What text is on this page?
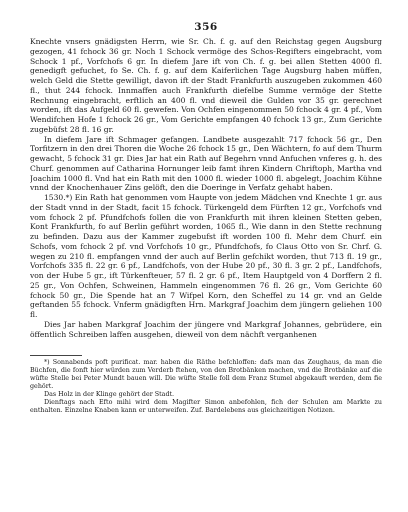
356

Knechte vnsers gnädigsten Herrn, wie Sr. Ch. f. g. auf den Reichstag gegen Augsburg gezogen, 41 fchock 36 gr. Noch 1 Schock vermöge des Schos-Regifters eingebracht, vom Schock 1 pf., Vorfchofs 6 gr. In diefem Jare ift von Ch. f. g. bei allen Stetten 4000 fl. genedigft gefuchet, fo Se. Ch. f. g. auf dem Kaiferlichen Tage Augsburg haben müffen, welch Geld die Stette gewilligt, davon ift der Stadt Frankfurth auszugeben zukommen 460 fl., thut 244 fchock. Innmaffen auch Frankfurth diefelbe Summe vermöge der Stette Rechnung eingebracht, erftlich an 400 fl. vnd dieweil die Gulden vor 35 gr. gerechnet worden, ift das Aufgeld 60 fl. gewefen. Von Ochfen eingenommen 50 fchock 4 gr. 4 pf., Vom Wendifchen Hofe 1 fchock 26 gr., Vom Gerichte empfangen 40 fchock 13 gr., Zum Gerichte zugebüfst 28 fl. 16 gr.

In diefem Jare ift Schmager gefangen. Landbete ausgezahlt 717 fchock 56 gr., Den Torfitzern in den drei Thoren die Woche 26 fchock 15 gr., Den Wächtern, fo auf dem Thurm gewacht, 5 fchock 31 gr. Dies Jar hat ein Rath auf Begehrn vnnd Anfuchen vnferes g. h. des Churf. genommen auf Catharina Hornunger leib famt ihren Kindern Chriftoph, Martha vnd Joachim 1000 fl. Vnd hat ein Rath mit den 1000 fl. wieder 1000 fl. abgelegt, Joachim Kühne vnnd der Knochenhauer Zins gelöft, den die Doeringe in Verfatz gehabt haben.

1530.*) Ein Rath hat genommen vom Haupte von jedem Mädchen vnd Knechte 1 gr. aus der Stadt vnnd in der Stadt, facit 15 fchock. Türkengeld dem Fürften 12 gr., Vorfchofs vnd vom fchock 2 pf. Pfundfchofs follen die von Frankfurth mit ihren kleinen Stetten geben, Kont Frankfurth, fo auf Berlin geführt worden, 1065 fl., Wie dann in den Stette rechnung zu befinden. Dazu aus der Kammer zugebufst ift worden 100 fl. Mehr dem Churf. ein Schofs, vom fchock 2 pf. vnd Vorfchofs 10 gr., Pfundfchofs, fo Claus Otto von Sr. Chrf. G. wegen zu 210 fl. empfangen vnnd der auch auf Berlin gefchikt worden, thut 713 fl. 19 gr., Vorfchofs 335 fl. 22 gr. 6 pf., Landfchofs, von der Hube 20 pf., 30 fl. 3 gr. 2 pf., Landfchofs, von der Hube 5 gr., ift Türkenfteuer, 57 fl. 2 gr. 6 pf., Item Hauptgeld von 4 Dorffern 2 fl. 25 gr., Von Ochfen, Schweinen, Hammeln eingenommen 76 fl. 26 gr., Vom Gerichte 60 fchock 50 gr., Die Spende hat an 7 Wifpel Korn, den Scheffel zu 14 gr. vnd an Gelde geftanden 55 fchock. Vnferm gnädigften Hrn. Markgraf Joachim dem jüngern geliehen 100 fl.

Dies Jar haben Markgraf Joachim der jüngere vnd Markgraf Johannes, gebrüdere, ein öffentlich Schreiben laffen ausgehen, dieweil von dem nächft verganhenen

*) Sonnabends poft purificat. mar. haben die Räthe befchloffen: dafs man das Zeughaus, da man die Büchfen, die fonft hier würden zum Verderb ftehen, von den Brotbänken machen, vnd die Brotbänke auf die wüfte Stelle bei Peter Mundt bauen will. Die wüfte Stelle foll dem Franz Stumel abgekauft werden, dem fie gehört.

Das Holz in der Klinge gehört der Stadt.

Dienftags nach Efto mihi wird dem Magifter Simon anbefohlen, fich der Schulen am Markte zu enthalten. Einzelne Knaben kann er unterweifen. Zuf. Bardelebens aus gleichzeitigen Notizen.
